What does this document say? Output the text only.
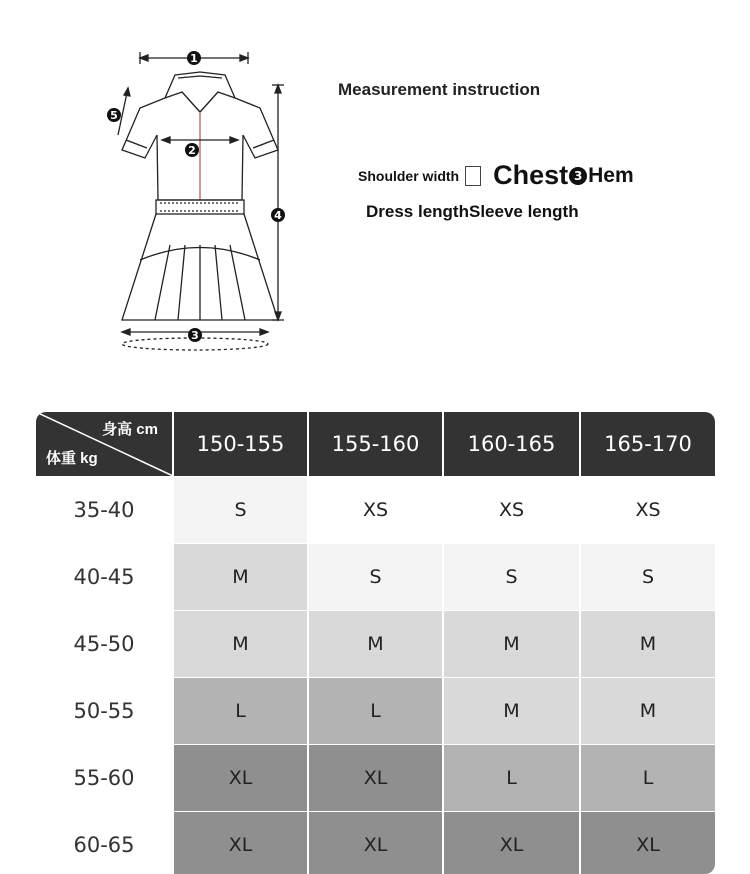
1
2
3
4
5
Measurement instruction
Shoulder width Chest 3 Hem
Dress length Sleeve length
身高 cm
体重 kg	150-155	155-160	160-165	165-170
35-40	S	XS	XS	XS
40-45	M	S	S	S
45-50	M	M	M	M
50-55	L	L	M	M
55-60	XL	XL	L	L
60-65	XL	XL	XL	XL
